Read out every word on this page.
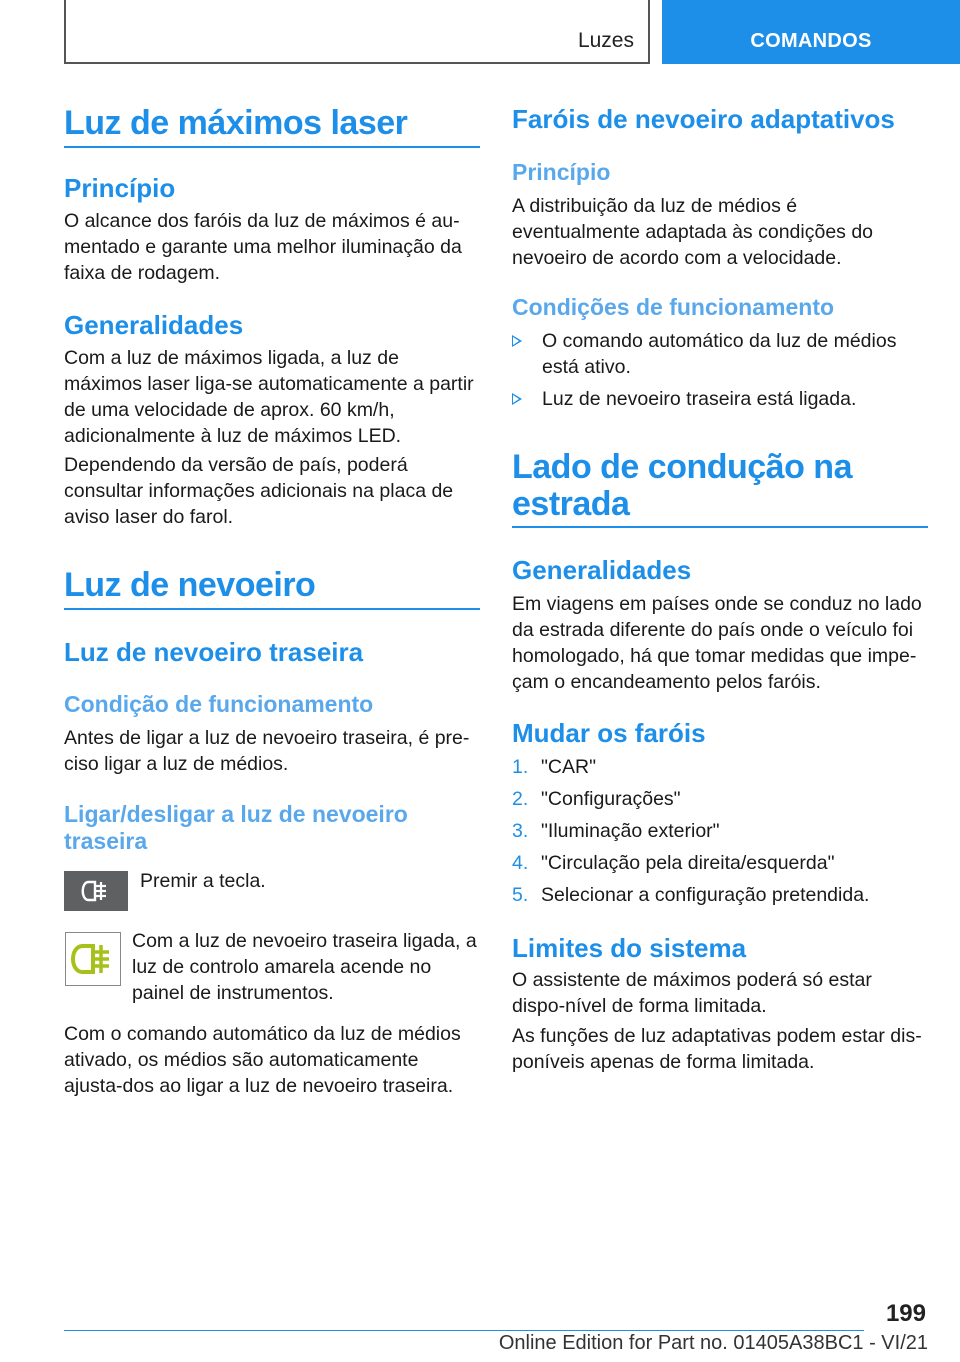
Luzes	COMANDOS
Luz de máximos laser
Princípio
O alcance dos faróis da luz de máximos é au-mentado e garante uma melhor iluminação da faixa de rodagem.
Generalidades
Com a luz de máximos ligada, a luz de máximos laser liga-se automaticamente a partir de uma velocidade de aprox. 60 km/h, adicionalmente à luz de máximos LED.
Dependendo da versão de país, poderá consultar informações adicionais na placa de aviso laser do farol.
Luz de nevoeiro
Luz de nevoeiro traseira
Condição de funcionamento
Antes de ligar a luz de nevoeiro traseira, é pre-ciso ligar a luz de médios.
Ligar/desligar a luz de nevoeiro traseira
Premir a tecla.
Com a luz de nevoeiro traseira ligada, a luz de controlo amarela acende no painel de instrumentos.
Com o comando automático da luz de médios ativado, os médios são automaticamente ajusta-dos ao ligar a luz de nevoeiro traseira.
Faróis de nevoeiro adaptativos
Princípio
A distribuição da luz de médios é eventualmente adaptada às condições do nevoeiro de acordo com a velocidade.
Condições de funcionamento
O comando automático da luz de médios está ativo.
Luz de nevoeiro traseira está ligada.
Lado de condução na estrada
Generalidades
Em viagens em países onde se conduz no lado da estrada diferente do país onde o veículo foi homologado, há que tomar medidas que impe-çam o encandeamento pelos faróis.
Mudar os faróis
1. "CAR"
2. "Configurações"
3. "Iluminação exterior"
4. "Circulação pela direita/esquerda"
5. Selecionar a configuração pretendida.
Limites do sistema
O assistente de máximos poderá só estar dispo-nível de forma limitada.
As funções de luz adaptativas podem estar dis-poníveis apenas de forma limitada.
199
Online Edition for Part no. 01405A38BC1 - VI/21
